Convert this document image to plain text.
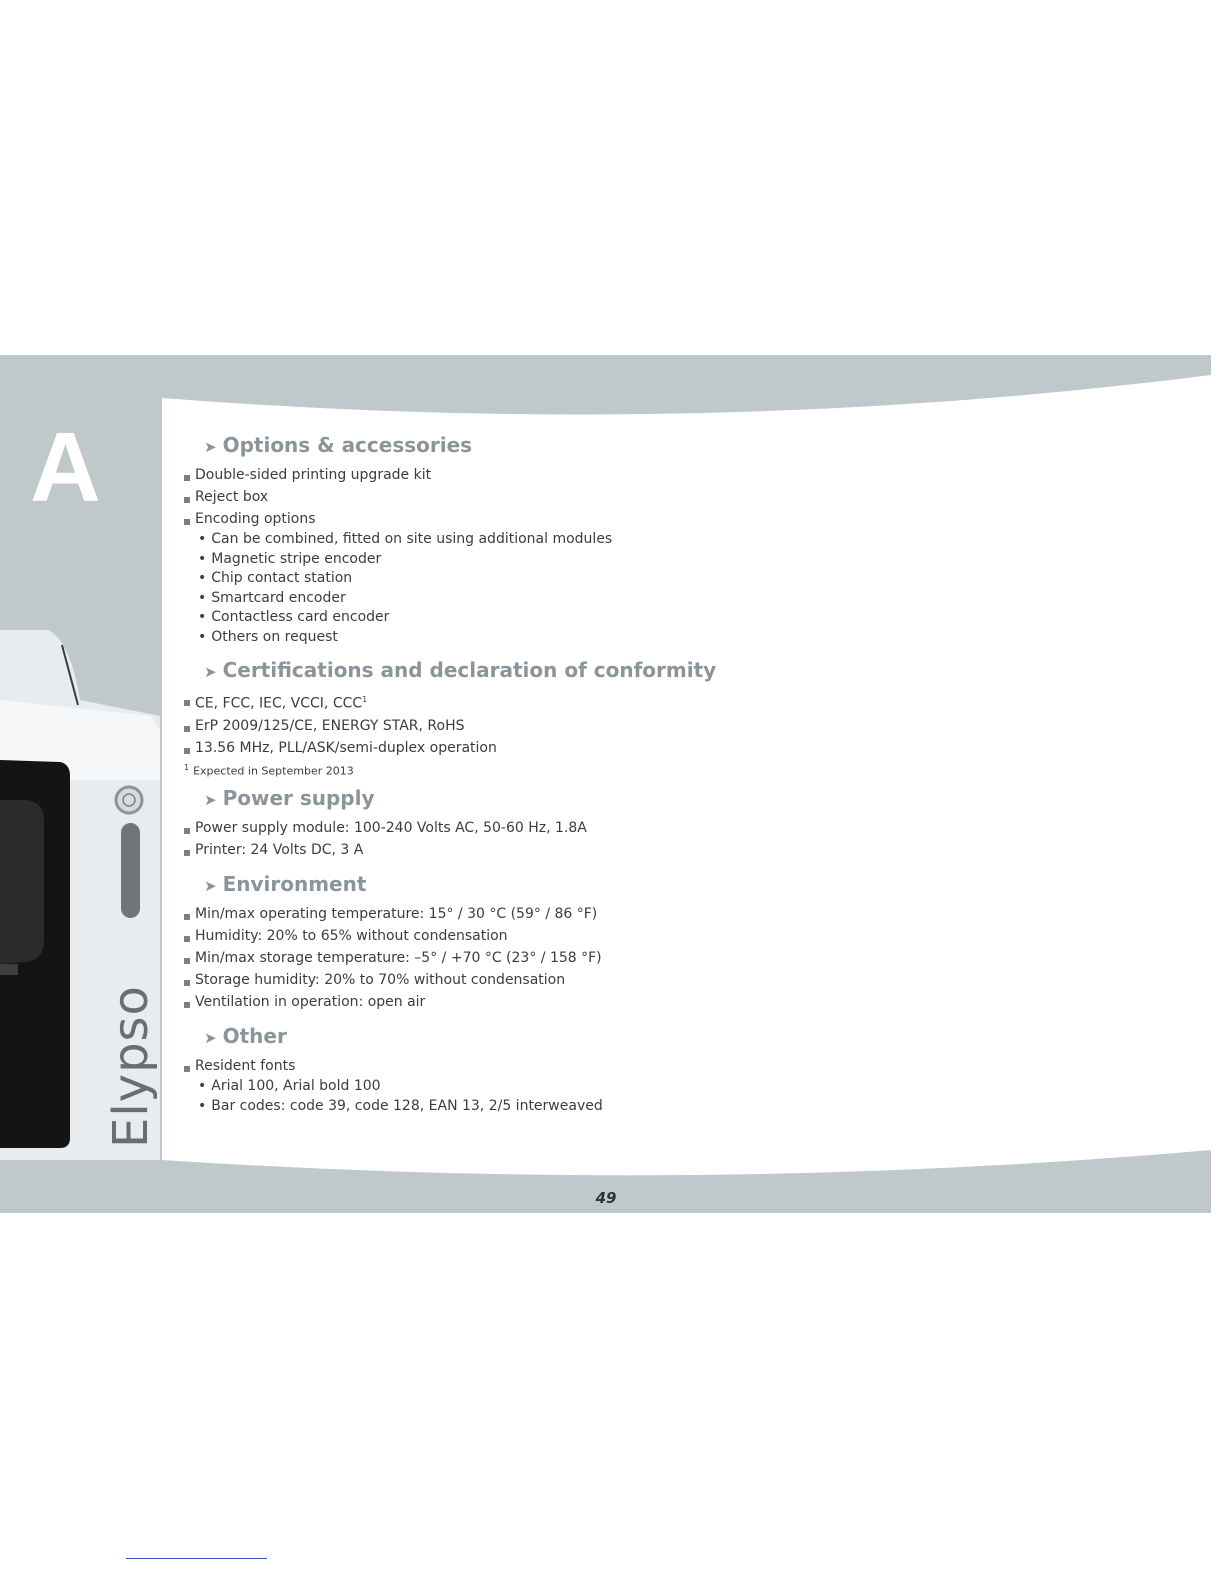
A
Elypso
➤ Options & accessories
Double-sided printing upgrade kit
Reject box
Encoding options
• Can be combined, fitted on site using additional modules
• Magnetic stripe encoder
• Chip contact station
• Smartcard encoder
• Contactless card encoder
• Others on request
➤ Certifications and declaration of conformity
CE, FCC, IEC, VCCI, CCC$^1$
ErP 2009/125/CE, ENERGY STAR, RoHS
13.56 MHz, PLL/ASK/semi-duplex operation
$^1$ Expected in September 2013
➤ Power supply
Power supply module: 100-240 Volts AC, 50-60 Hz, 1.8A
Printer: 24 Volts DC, 3 A
➤ Environment
Min/max operating temperature: 15° / 30 °C (59° / 86 °F)
Humidity: 20% to 65% without condensation
Min/max storage temperature: –5° / +70 °C (23° / 158 °F)
Storage humidity: 20% to 70% without condensation
Ventilation in operation: open air
➤ Other
Resident fonts
• Arial 100, Arial bold 100
• Bar codes: code 39, code 128, EAN 13, 2/5 interweaved
49
